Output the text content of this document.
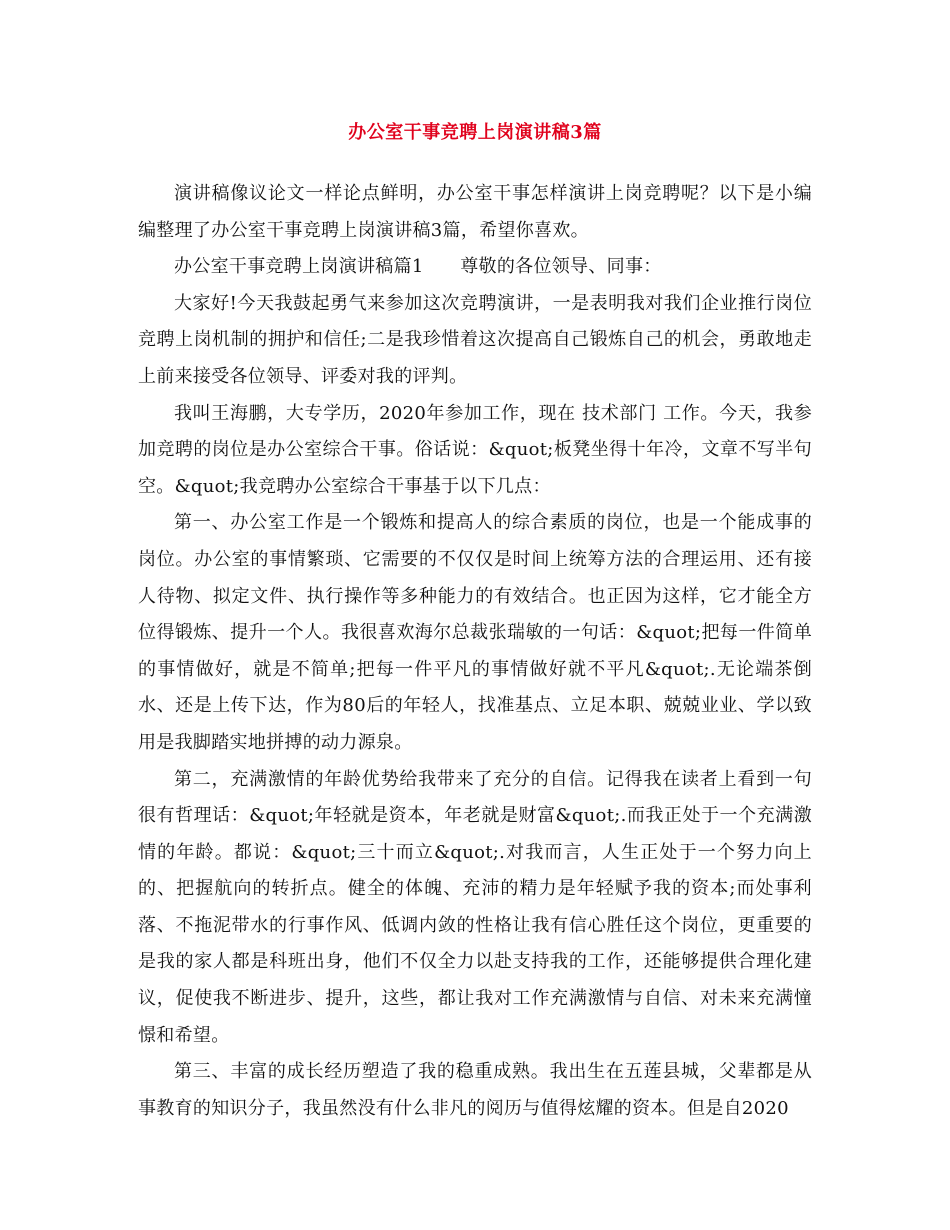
办公室干事竞聘上岗演讲稿3篇

演讲稿像议论文一样论点鲜明，办公室干事怎样演讲上岗竞聘呢？以下是小编编整理了办公室干事竞聘上岗演讲稿3篇，希望你喜欢。

办公室干事竞聘上岗演讲稿篇1　　尊敬的各位领导、同事：

大家好!今天我鼓起勇气来参加这次竞聘演讲，一是表明我对我们企业推行岗位竞聘上岗机制的拥护和信任;二是我珍惜着这次提高自己锻炼自己的机会，勇敢地走上前来接受各位领导、评委对我的评判。

我叫王海鹏，大专学历，2020年参加工作，现在 技术部门 工作。今天，我参加竞聘的岗位是办公室综合干事。俗话说：&quot;板凳坐得十年冷，文章不写半句空。&quot;我竞聘办公室综合干事基于以下几点：

第一、办公室工作是一个锻炼和提高人的综合素质的岗位，也是一个能成事的岗位。办公室的事情繁琐、它需要的不仅仅是时间上统筹方法的合理运用、还有接人待物、拟定文件、执行操作等多种能力的有效结合。也正因为这样，它才能全方位得锻炼、提升一个人。我很喜欢海尔总裁张瑞敏的一句话：&quot;把每一件简单的事情做好，就是不简单;把每一件平凡的事情做好就不平凡&quot;.无论端茶倒水、还是上传下达，作为80后的年轻人，找准基点、立足本职、兢兢业业、学以致用是我脚踏实地拼搏的动力源泉。

第二，充满激情的年龄优势给我带来了充分的自信。记得我在读者上看到一句很有哲理话：&quot;年轻就是资本，年老就是财富&quot;.而我正处于一个充满激情的年龄。都说：&quot;三十而立&quot;.对我而言，人生正处于一个努力向上的、把握航向的转折点。健全的体魄、充沛的精力是年轻赋予我的资本;而处事利落、不拖泥带水的行事作风、低调内敛的性格让我有信心胜任这个岗位，更重要的是我的家人都是科班出身，他们不仅全力以赴支持我的工作，还能够提供合理化建议，促使我不断进步、提升，这些，都让我对工作充满激情与自信、对未来充满憧憬和希望。

第三、丰富的成长经历塑造了我的稳重成熟。我出生在五莲县城，父辈都是从事教育的知识分子，我虽然没有什么非凡的阅历与值得炫耀的资本。但是自2020
